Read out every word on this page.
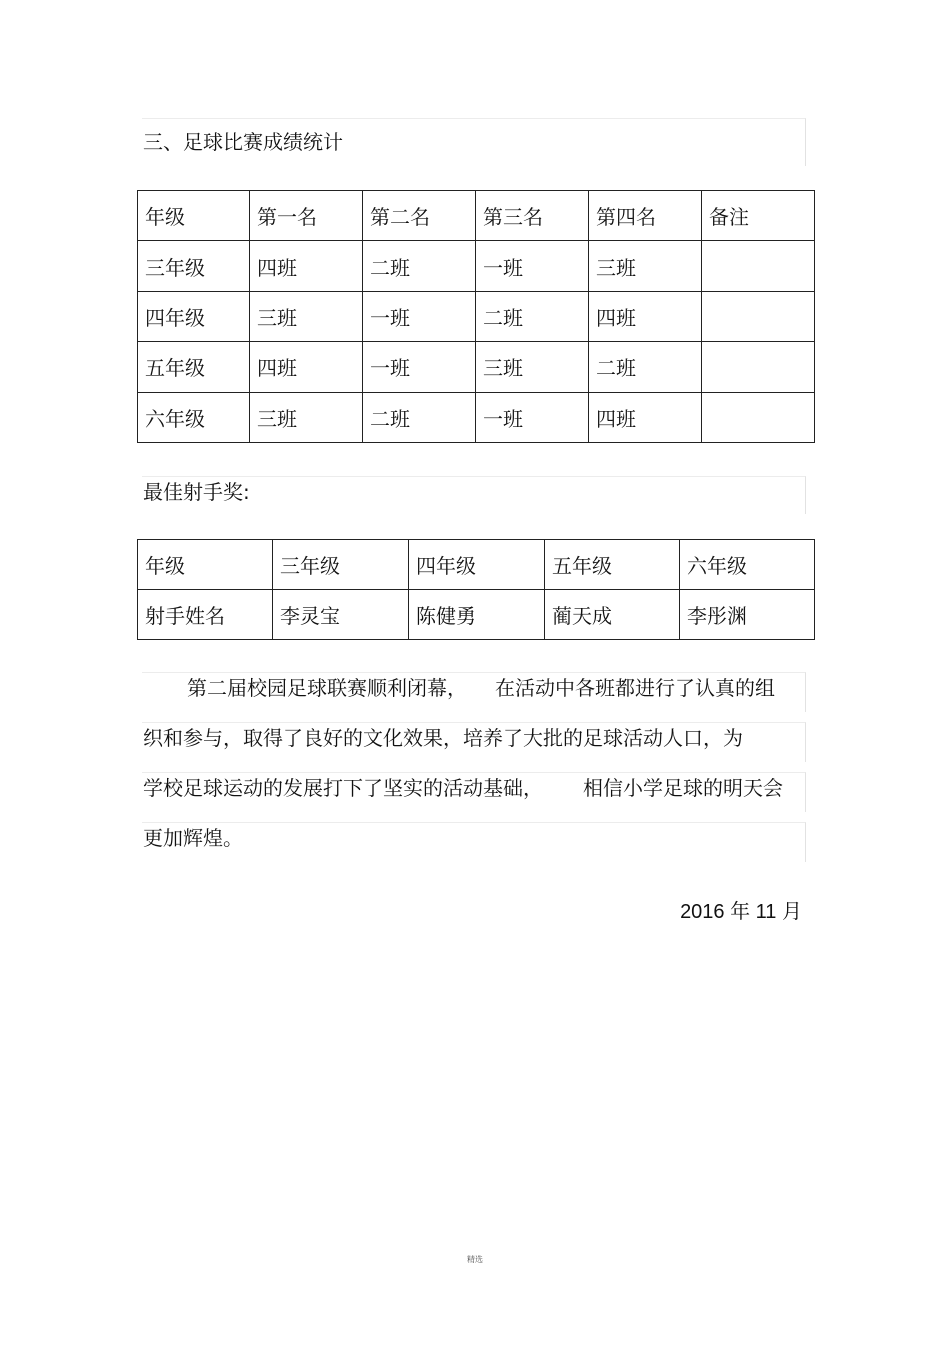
三、足球比赛成绩统计
年级	第一名	第二名	第三名	第四名	备注
三年级	四班	二班	一班	三班	
四年级	三班	一班	二班	四班	
五年级	四班	一班	三班	二班	
六年级	三班	二班	一班	四班	
最佳射手奖:
年级	三年级	四年级	五年级	六年级
射手姓名	李灵宝	陈健勇	蔺天成	李彤渊
第二届校园足球联赛顺利闭幕， 在活动中各班都进行了认真的组
织和参与，取得了良好的文化效果，培养了大批的足球活动人口，为
学校足球运动的发展打下了坚实的活动基础， 相信小学足球的明天会
更加辉煌。
2016 年 11 月
精选
